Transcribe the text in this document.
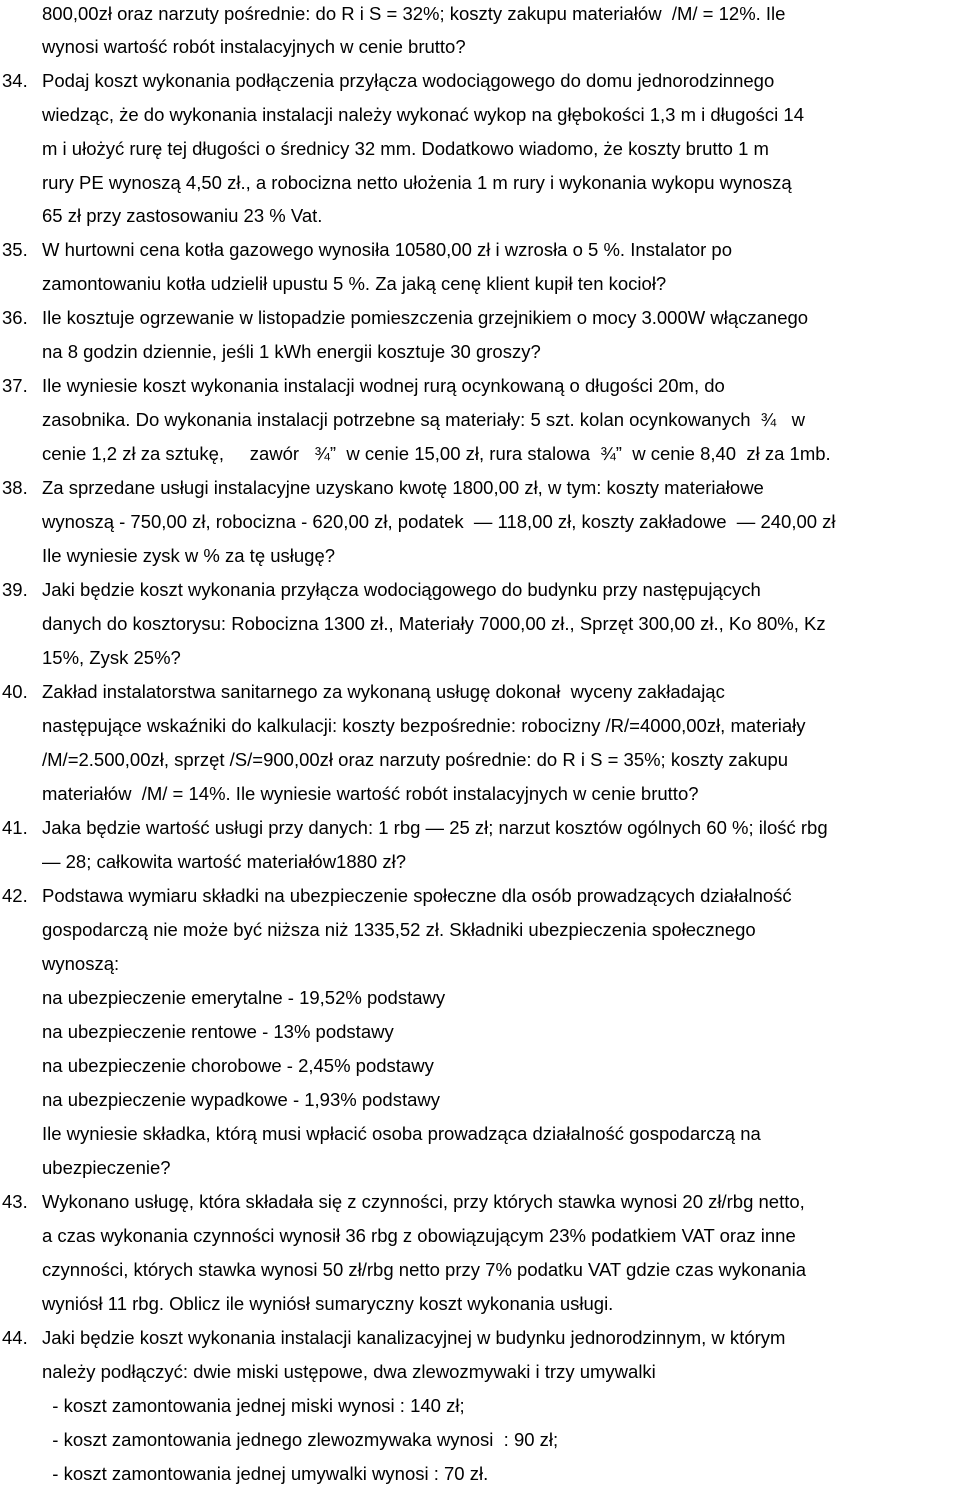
800,00zł oraz narzuty pośrednie: do R i S = 32%; koszty zakupu materiałów  /M/ = 12%. Ile
wynosi wartość robót instalacyjnych w cenie brutto?
34. Podaj koszt wykonania podłączenia przyłącza wodociągowego do domu jednorodzinnego
wiedząc, że do wykonania instalacji należy wykonać wykop na głębokości 1,3 m i długości 14
m i ułożyć rurę tej długości o średnicy 32 mm. Dodatkowo wiadomo, że koszty brutto 1 m
rury PE wynoszą 4,50 zł., a robocizna netto ułożenia 1 m rury i wykonania wykopu wynoszą
65 zł przy zastosowaniu 23 % Vat.
35. W hurtowni cena kotła gazowego wynosiła 10580,00 zł i wzrosła o 5 %. Instalator po
zamontowaniu kotła udzielił upustu 5 %. Za jaką cenę klient kupił ten kocioł?
36. Ile kosztuje ogrzewanie w listopadzie pomieszczenia grzejnikiem o mocy 3.000W włączanego
na 8 godzin dziennie, jeśli 1 kWh energii kosztuje 30 groszy?
37. Ile wyniesie koszt wykonania instalacji wodnej rurą ocynkowaną o długości 20m, do
zasobnika. Do wykonania instalacji potrzebne są materiały: 5 szt. kolan ocynkowanych  ¾   w
cenie 1,2 zł za sztukę,     zawór   ¾”  w cenie 15,00 zł, rura stalowa  ¾”  w cenie 8,40  zł za 1mb.
38. Za sprzedane usługi instalacyjne uzyskano kwotę 1800,00 zł, w tym: koszty materiałowe
wynoszą - 750,00 zł, robocizna - 620,00 zł, podatek  — 118,00 zł, koszty zakładowe  — 240,00 zł
Ile wyniesie zysk w % za tę usługę?
39. Jaki będzie koszt wykonania przyłącza wodociągowego do budynku przy następujących
danych do kosztorysu: Robocizna 1300 zł., Materiały 7000,00 zł., Sprzęt 300,00 zł., Ko 80%, Kz
15%, Zysk 25%?
40. Zakład instalatorstwa sanitarnego za wykonaną usługę dokonał  wyceny zakładając
następujące wskaźniki do kalkulacji: koszty bezpośrednie: robocizny /R/=4000,00zł, materiały
/M/=2.500,00zł, sprzęt /S/=900,00zł oraz narzuty pośrednie: do R i S = 35%; koszty zakupu
materiałów  /M/ = 14%. Ile wyniesie wartość robót instalacyjnych w cenie brutto?
41. Jaka będzie wartość usługi przy danych: 1 rbg — 25 zł; narzut kosztów ogólnych 60 %; ilość rbg
— 28; całkowita wartość materiałów1880 zł?
42. Podstawa wymiaru składki na ubezpieczenie społeczne dla osób prowadzących działalność
gospodarczą nie może być niższa niż 1335,52 zł. Składniki ubezpieczenia społecznego
wynoszą:
na ubezpieczenie emerytalne - 19,52% podstawy
na ubezpieczenie rentowe - 13% podstawy
na ubezpieczenie chorobowe - 2,45% podstawy
na ubezpieczenie wypadkowe - 1,93% podstawy
Ile wyniesie składka, którą musi wpłacić osoba prowadząca działalność gospodarczą na
ubezpieczenie?
43. Wykonano usługę, która składała się z czynności, przy których stawka wynosi 20 zł/rbg netto,
a czas wykonania czynności wynosił 36 rbg z obowiązującym 23% podatkiem VAT oraz inne
czynności, których stawka wynosi 50 zł/rbg netto przy 7% podatku VAT gdzie czas wykonania
wyniósł 11 rbg. Oblicz ile wyniósł sumaryczny koszt wykonania usługi.
44. Jaki będzie koszt wykonania instalacji kanalizacyjnej w budynku jednorodzinnym, w którym
należy podłączyć: dwie miski ustępowe, dwa zlewozmywaki i trzy umywalki
- koszt zamontowania jednej miski wynosi : 140 zł;
- koszt zamontowania jednego zlewozmywaka wynosi  : 90 zł;
- koszt zamontowania jednej umywalki wynosi : 70 zł.
